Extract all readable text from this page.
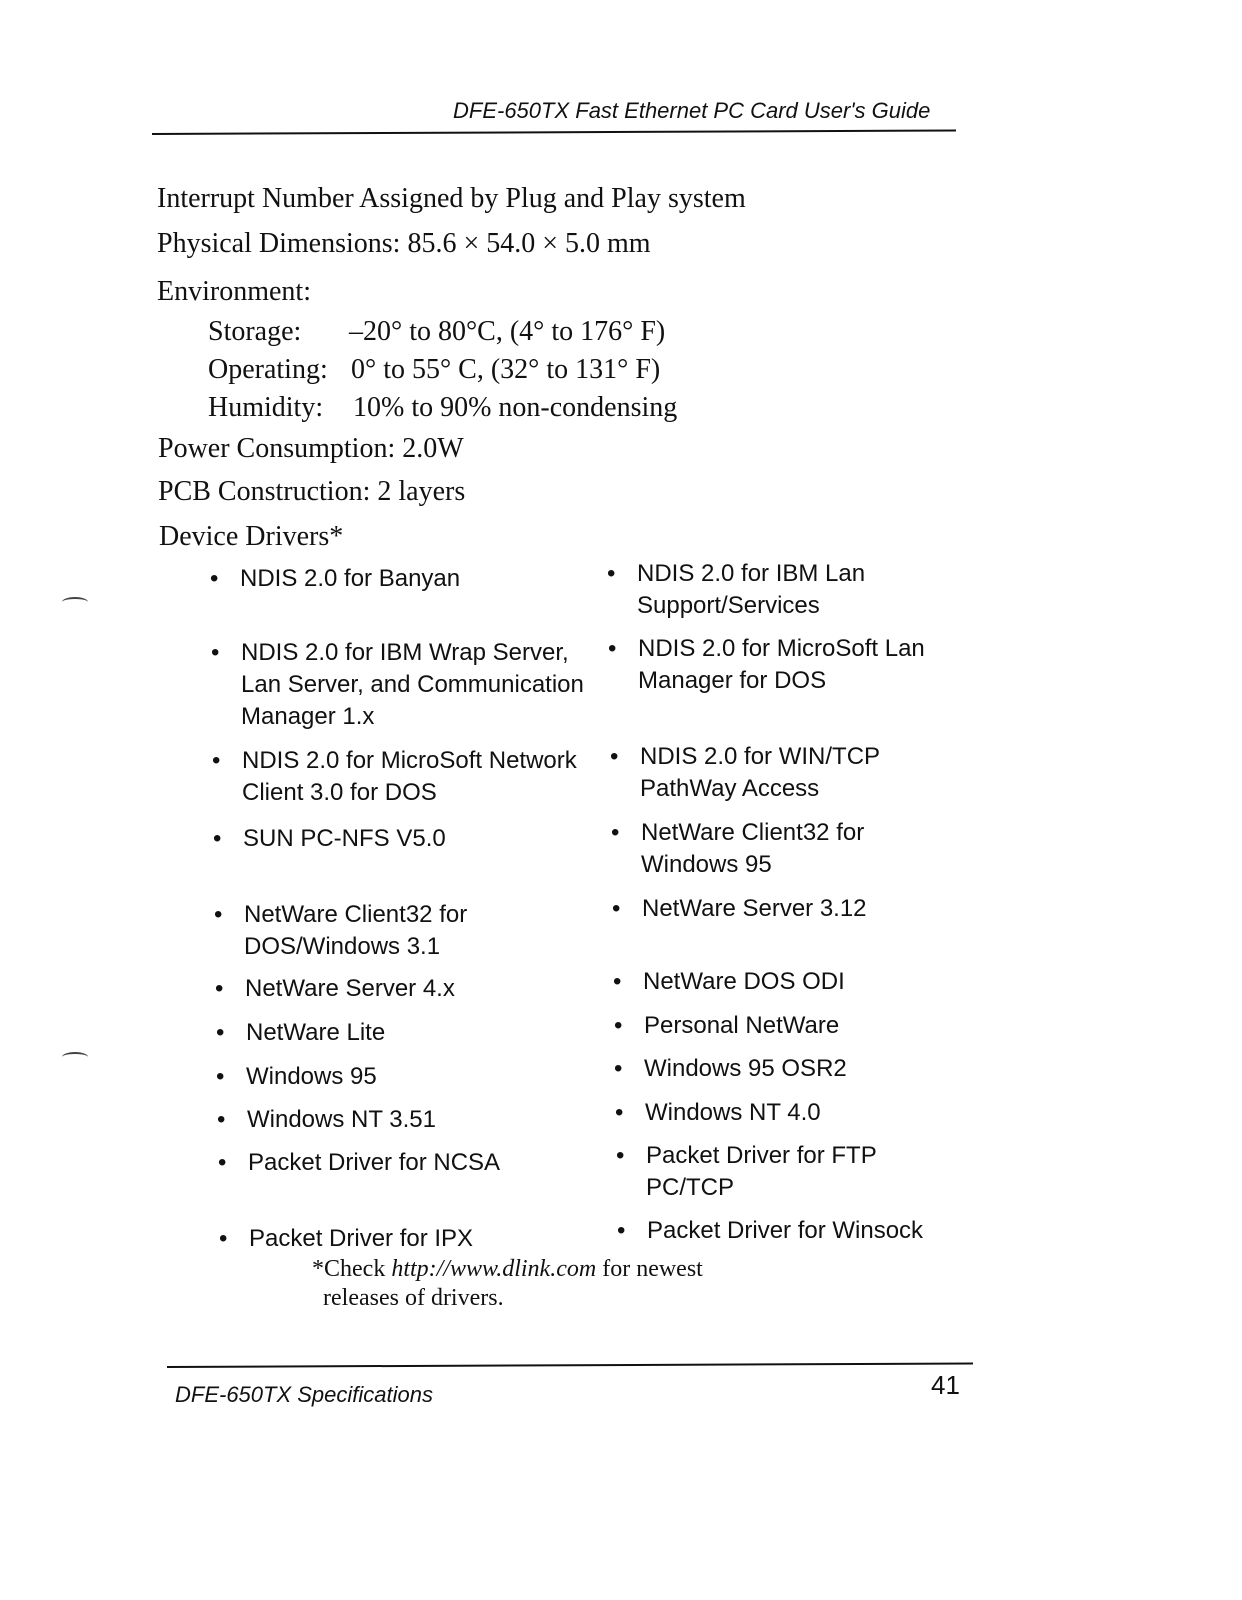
DFE-650TX Fast Ethernet PC Card User's Guide
Interrupt Number Assigned by Plug and Play system
Physical Dimensions: 85.6 × 54.0 × 5.0 mm
Environment:
Storage: –20° to 80°C, (4° to 176° F)
Operating: 0° to 55° C, (32° to 131° F)
Humidity: 10% to 90% non-condensing
Power Consumption: 2.0W
PCB Construction: 2 layers
Device Drivers*
• NDIS 2.0 for Banyan
• NDIS 2.0 for IBM Wrap Server, Lan Server, and Communication Manager 1.x
• NDIS 2.0 for MicroSoft Network Client 3.0 for DOS
• SUN PC-NFS V5.0
• NetWare Client32 for DOS/Windows 3.1
• NetWare Server 4.x
• NetWare Lite
• Windows 95
• Windows NT 3.51
• Packet Driver for NCSA
• Packet Driver for IPX
• NDIS 2.0 for IBM Lan Support/Services
• NDIS 2.0 for MicroSoft Lan Manager for DOS
• NDIS 2.0 for WIN/TCP PathWay Access
• NetWare Client32 for Windows 95
• NetWare Server 3.12
• NetWare DOS ODI
• Personal NetWare
• Windows 95 OSR2
• Windows NT 4.0
• Packet Driver for FTP PC/TCP
• Packet Driver for Winsock
*Check http://www.dlink.com for newest
releases of drivers.
DFE-650TX Specifications	41
